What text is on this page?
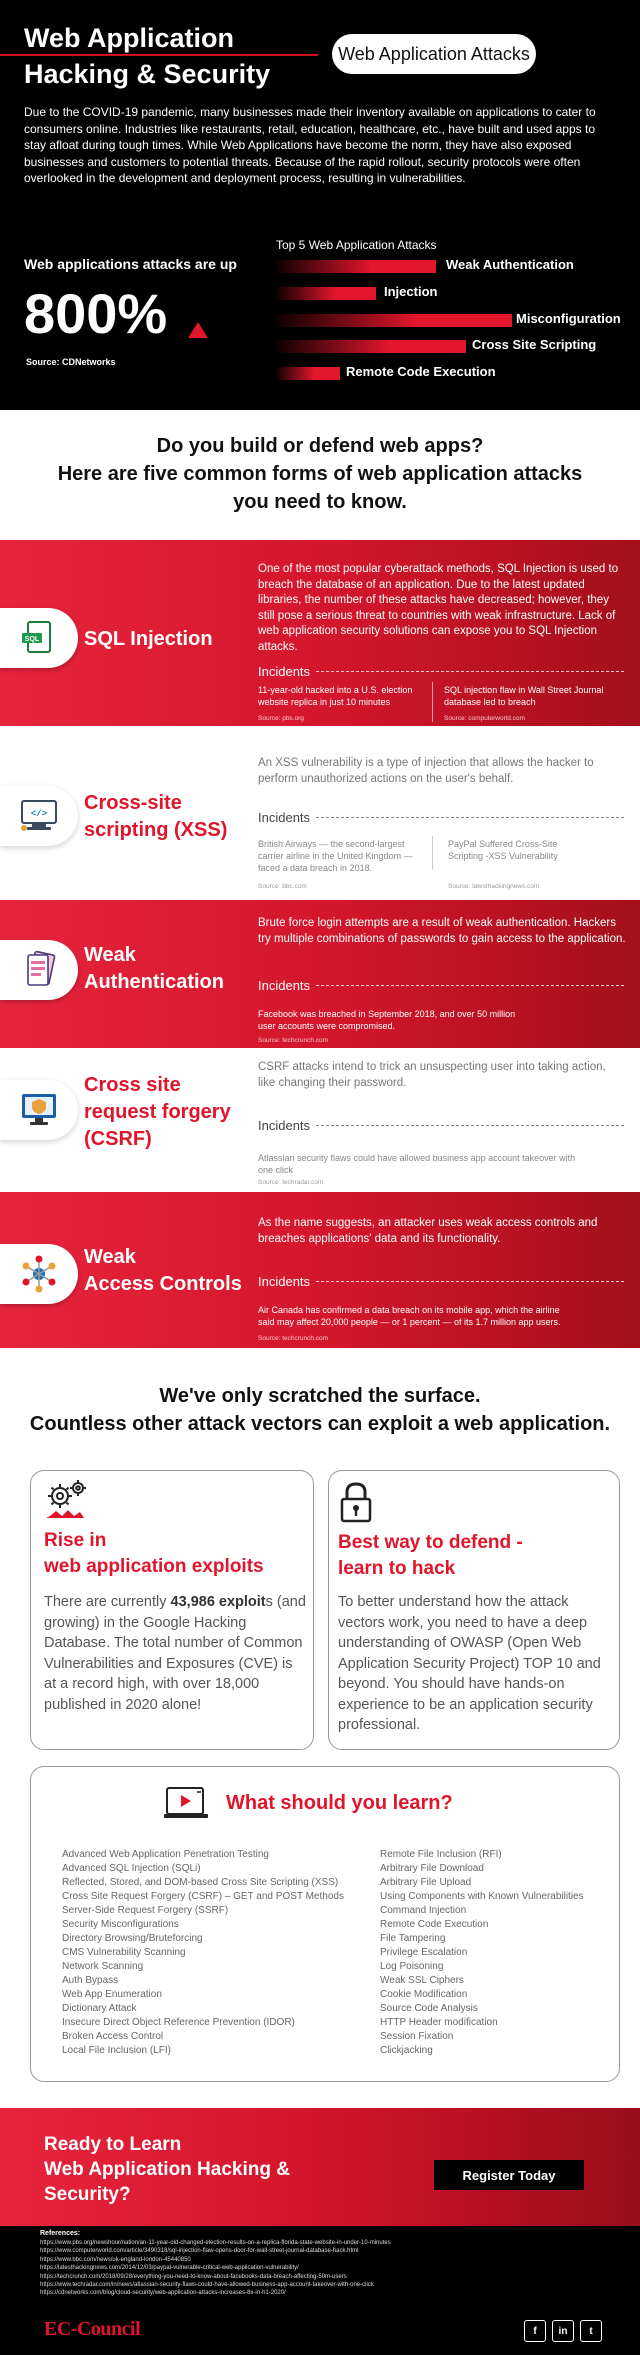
Web Application
Hacking & Security
Web Application Attacks

Due to the COVID-19 pandemic, many businesses made their inventory available on applications to cater to consumers online. Industries like restaurants, retail, education, healthcare, etc., have built and used apps to stay afloat during tough times. While Web Applications have become the norm, they have also exposed businesses and customers to potential threats. Because of the rapid rollout, security protocols were often overlooked in the development and deployment process, resulting in vulnerabilities.

Web applications attacks are up
800%
Source: CDNetworks
Top 5 Web Application Attacks
Weak Authentication
Injection
Misconfiguration
Cross Site Scripting
Remote Code Execution
Do you build or defend web apps?
Here are five common forms of web application attacks
you need to know.
SQL SQL Injection

One of the most popular cyberattack methods, SQL Injection is used to breach the database of an application. Due to the latest updated libraries, the number of these attacks have decreased; however, they still pose a serious threat to countries with weak infrastructure. Lack of web application security solutions can expose you to SQL Injection attacks.

Incidents
11-year-old hacked into a U.S. election website replica in just 10 minutes
Source: pbs.org
SQL injection flaw in Wall Street Journal database led to breach
Source: computerworld.com
</> Cross-site
scripting (XSS)

An XSS vulnerability is a type of injection that allows the hacker to perform unauthorized actions on the user's behalf.

Incidents
British Airways — the second-largest carrier airline in the United Kingdom — faced a data breach in 2018.
Source: bbc.com
PayPal Suffered Cross-Site Scripting -XSS Vulnerability
Source: latesthackingnews.com
Weak
Authentication

Brute force login attempts are a result of weak authentication. Hackers try multiple combinations of passwords to gain access to the application.

Incidents
Facebook was breached in September 2018, and over 50 million user accounts were compromised.
Source: techcrunch.com
Cross site
request forgery
(CSRF)

CSRF attacks intend to trick an unsuspecting user into taking action, like changing their password.

Incidents
Atlassian security flaws could have allowed business app account takeover with one click
Source: techradar.com
Weak
Access Controls

As the name suggests, an attacker uses weak access controls and breaches applications' data and its functionality.

Incidents
Air Canada has confirmed a data breach on its mobile app, which the airline said may affect 20,000 people — or 1 percent — of its 1.7 million app users.
Source: techcrunch.com
We've only scratched the surface.
Countless other attack vectors can exploit a web application.
Rise in
web application exploits

There are currently 43,986 exploits (and growing) in the Google Hacking Database. The total number of Common Vulnerabilities and Exposures (CVE) is at a record high, with over 18,000 published in 2020 alone!

Best way to defend -
learn to hack

To better understand how the attack vectors work, you need to have a deep understanding of OWASP (Open Web Application Security Project) TOP 10 and beyond. You should have hands-on experience to be an application security professional.

What should you learn?
Advanced Web Application Penetration Testing
Advanced SQL Injection (SQLi)
Reflected, Stored, and DOM-based Cross Site Scripting (XSS)
Cross Site Request Forgery (CSRF) – GET and POST Methods
Server-Side Request Forgery (SSRF)
Security Misconfigurations
Directory Browsing/Bruteforcing
CMS Vulnerability Scanning
Network Scanning
Auth Bypass
Web App Enumeration
Dictionary Attack
Insecure Direct Object Reference Prevention (IDOR)
Broken Access Control
Local File Inclusion (LFI)
Remote File Inclusion (RFI)
Arbitrary File Download
Arbitrary File Upload
Using Components with Known Vulnerabilities
Command Injection
Remote Code Execution
File Tampering
Privilege Escalation
Log Poisoning
Weak SSL Ciphers
Cookie Modification
Source Code Analysis
HTTP Header modification
Session Fixation
Clickjacking
Ready to Learn
Web Application Hacking &
Security?
Register Today
References:
https://www.pbs.org/newshour/nation/an-11-year-old-changed-election-results-on-a-replica-florida-state-website-in-under-10-minutes
https://www.computerworld.com/article/3490318/sql-injection-flaw-opens-door-for-wall-street-journal-database-hack.html
https://www.bbc.com/news/uk-england-london-45440850
https://latesthackingnews.com/2014/12/03/paypal-vulnerable-critical-web-application-vulnerability/
https://techcrunch.com/2018/09/28/everything-you-need-to-know-about-facebooks-data-breach-affecting-50m-users
https://www.techradar.com/in/news/atlassian-security-flaws-could-have-allowed-business-app-account-takeover-with-one-click
https://cdnetworks.com/blog/cloud-security/web-application-attacks-increases-8x-in-h1-2020/
EC-Council	f	in	t
